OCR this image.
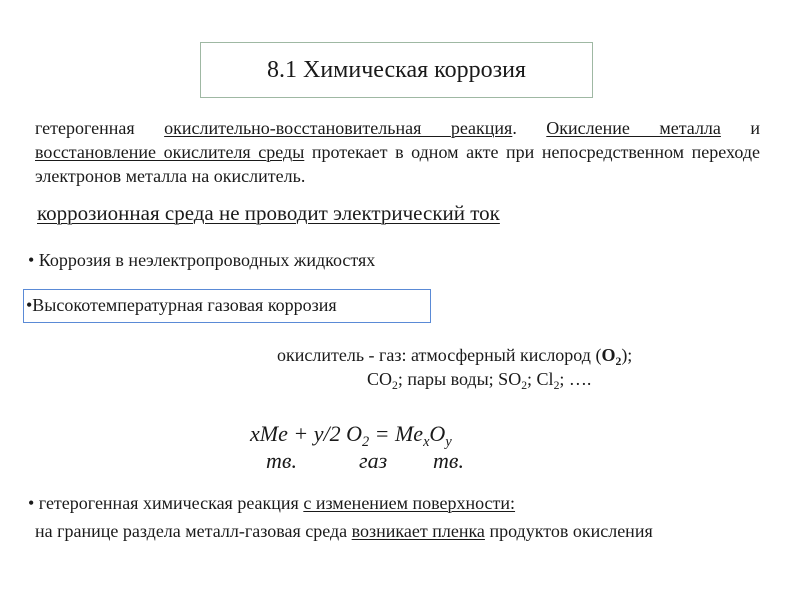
8.1 Химическая коррозия
гетерогенная окислительно-восстановительная реакция. Окисление металла и восстановление окислителя среды протекает в одном акте при непосредственном переходе электронов металла на окислитель.
коррозионная среда не проводит электрический ток
• Коррозия в неэлектропроводных жидкостях
•Высокотемпературная газовая коррозия
окислитель - газ: атмосферный кислород $(O_2)$;
$CO_2$; пары воды; $SO_2$; $Cl_2$; ….
xMe + y/2 $O_2 = Me_xO_y$
тв.	газ тв.
• гетерогенная химическая реакция с изменением поверхности:
на границе раздела металл-газовая среда возникает пленка продуктов окисления
